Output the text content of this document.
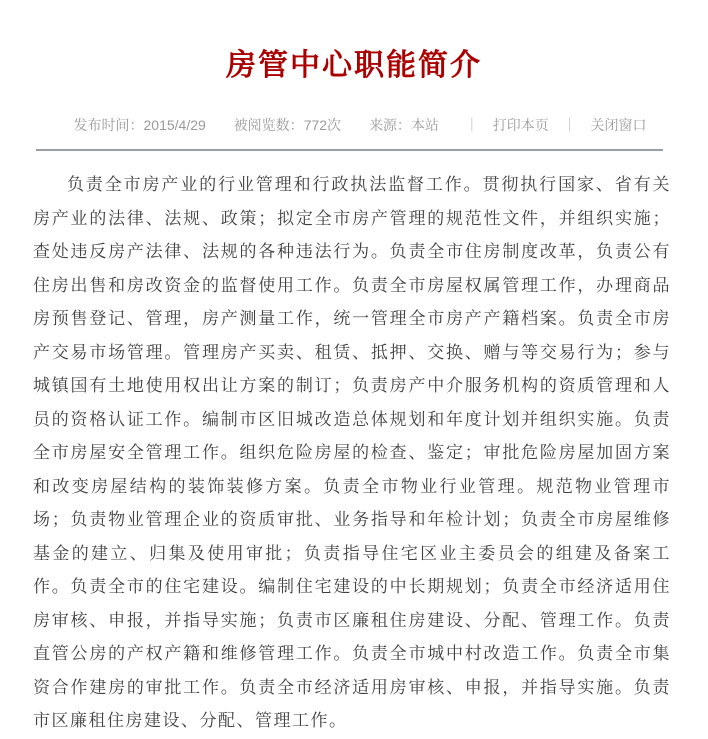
房管中心职能简介
发布时间：2015/4/29 被阅览数：772次 来源：本站 ｜ 打印本页 ｜ 关闭窗口

负责全市房产业的行业管理和行政执法监督工作。贯彻执行国家、省有关房产业的法律、法规、政策；拟定全市房产管理的规范性文件，并组织实施；查处违反房产法律、法规的各种违法行为。负责全市住房制度改革，负责公有住房出售和房改资金的监督使用工作。负责全市房屋权属管理工作，办理商品房预售登记、管理，房产测量工作，统一管理全市房产产籍档案。负责全市房产交易市场管理。管理房产买卖、租赁、抵押、交换、赠与等交易行为；参与城镇国有土地使用权出让方案的制订；负责房产中介服务机构的资质管理和人员的资格认证工作。编制市区旧城改造总体规划和年度计划并组织实施。负责全市房屋安全管理工作。组织危险房屋的检查、鉴定；审批危险房屋加固方案和改变房屋结构的装饰装修方案。负责全市物业行业管理。规范物业管理市场；负责物业管理企业的资质审批、业务指导和年检计划；负责全市房屋维修基金的建立、归集及使用审批；负责指导住宅区业主委员会的组建及备案工作。负责全市的住宅建设。编制住宅建设的中长期规划；负责全市经济适用住房审核、申报，并指导实施；负责市区廉租住房建设、分配、管理工作。负责直管公房的产权产籍和维修管理工作。负责全市城中村改造工作。负责全市集资合作建房的审批工作。负责全市经济适用房审核、申报，并指导实施。负责市区廉租住房建设、分配、管理工作。
